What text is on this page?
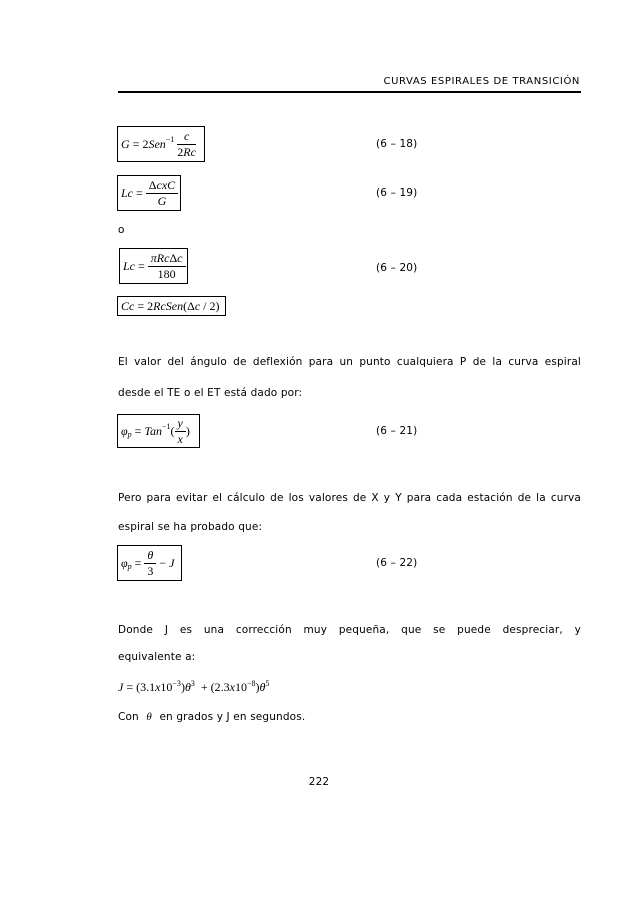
CURVAS ESPIRALES DE TRANSICIÓN
G = 2 Sen $-1 \frac{c}{2Rc}$	(6 – 18)
$Lc = \frac{\text{ΔcxC}}{G}$	(6 – 19)
o
$Lc = \frac{\text{πRcΔc}}{180}$	(6 – 20)
Cc = 2 RcSen (Δ c / 2)
El valor del ángulo de deflexión para un punto cualquiera P de la curva espiral
desde el TE o el ET está dado por:
φ p = Tan −1 ( $\frac{y}{x}$ )	(6 – 21)
Pero para evitar el cálculo de los valores de X y Y para cada estación de la curva
espiral se ha probado que:
φ $p = \frac{\theta}{3} - J$	(6 – 22)
Donde J es una corrección muy pequeña, que se puede despreciar, y
equivalente a:
$J = (3.1x10^{-3})\theta^3 + (2.3x10^{-8})\theta^5$
Con θ en grados y J en segundos.
222
